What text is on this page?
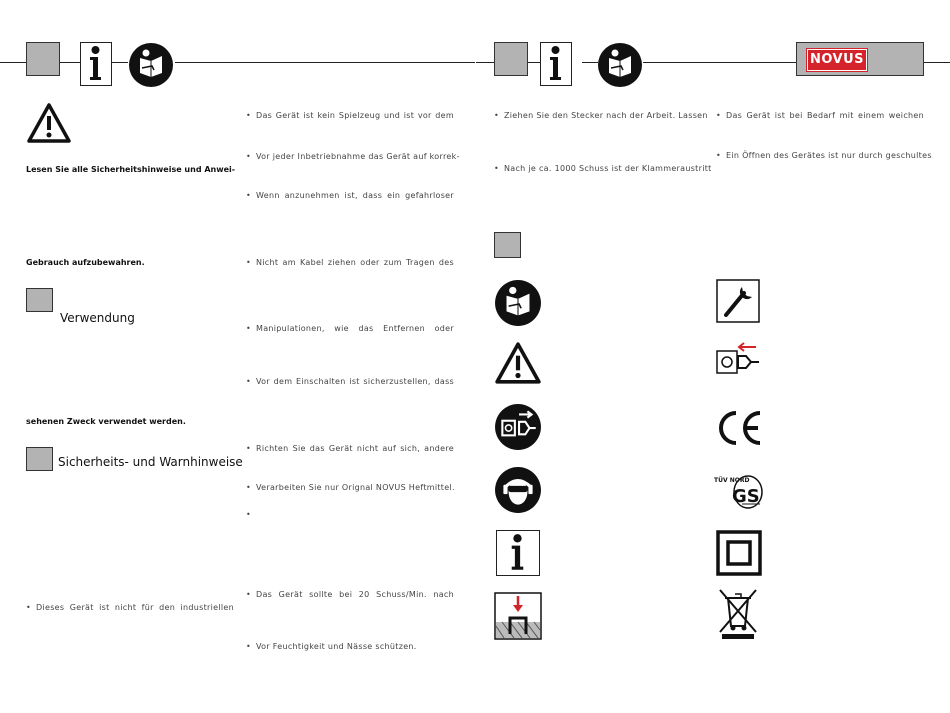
NOVUS
Lesen Sie alle Sicherheitshinweise und Anwei-
Gebrauch aufzubewahren.
Verwendung
sehenen Zweck verwendet werden.
Sicherheits- und Warnhinweise
• Dieses Gerät ist nicht für den industriellen
• Das Gerät ist kein Spielzeug und ist vor dem
• Vor jeder Inbetriebnahme das Gerät auf korrek-
• Wenn anzunehmen ist, dass ein gefahrloser
• Nicht am Kabel ziehen oder zum Tragen des
• Manipulationen, wie das Entfernen oder
• Vor dem Einschalten ist sicherzustellen, dass
• Richten Sie das Gerät nicht auf sich, andere
• Verarbeiten Sie nur Orignal NOVUS Heftmittel.
•
• Das Gerät sollte bei 20 Schuss/Min. nach
• Vor Feuchtigkeit und Nässe schützen.
• Ziehen Sie den Stecker nach der Arbeit. Lassen
• Nach je ca. 1000 Schuss ist der Klammeraustritt
• Das Gerät ist bei Bedarf mit einem weichen
• Ein Öffnen des Gerätes ist nur durch geschultes
TÜV NORD
GS
